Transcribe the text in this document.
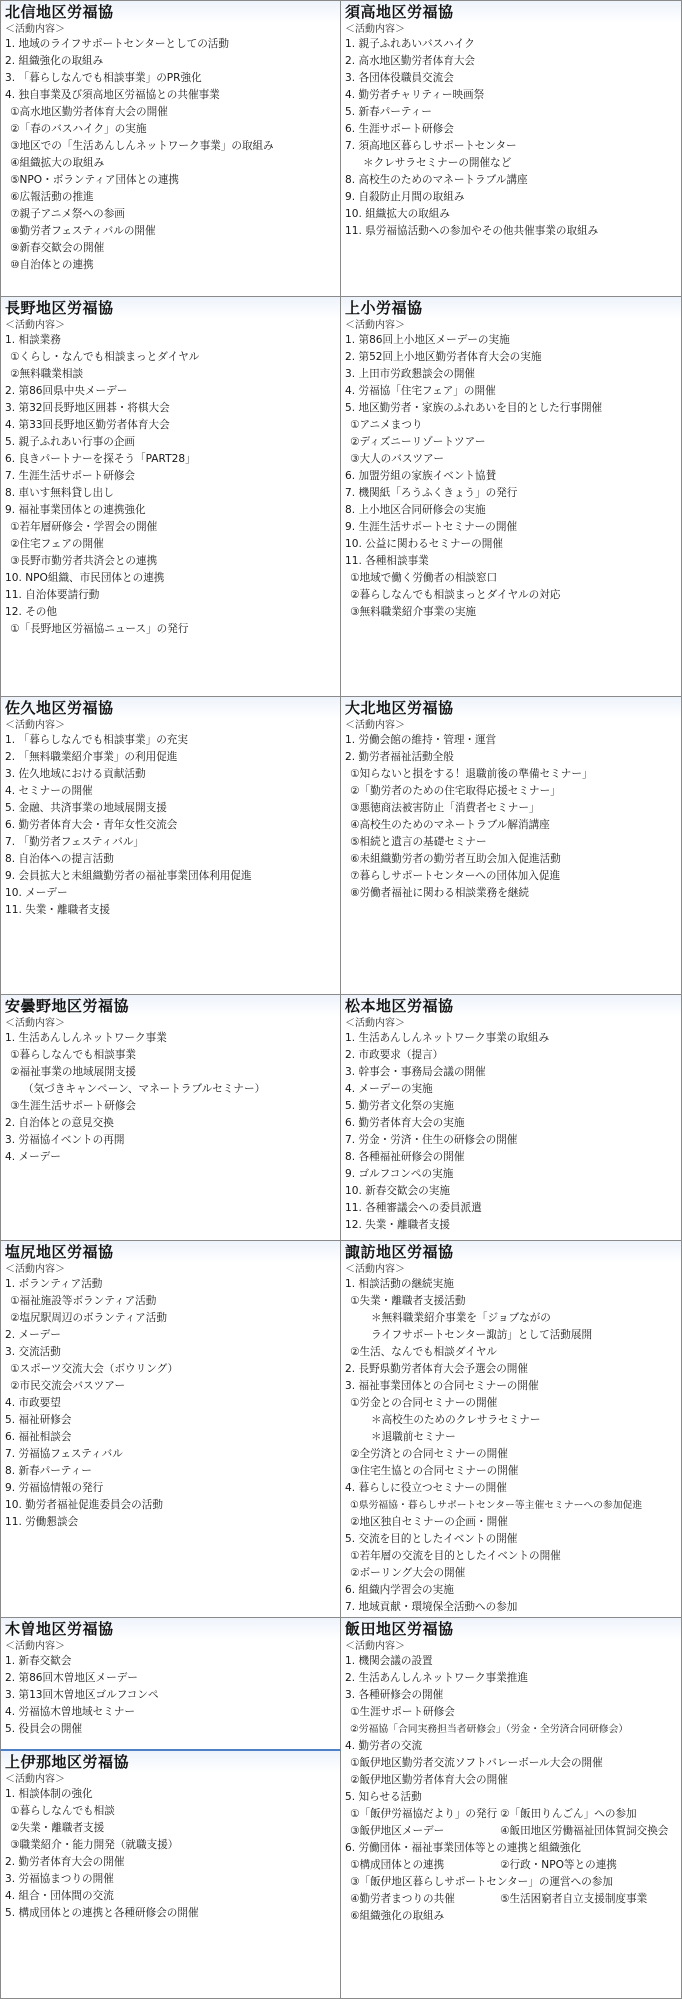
北信地区労福協
＜活動内容＞
1. 地域のライフサポートセンターとしての活動
2. 組織強化の取組み
3. 「暮らしなんでも相談事業」のPR強化
4. 独自事業及び須高地区労福協との共催事業
①高水地区勤労者体育大会の開催
②「春のバスハイク」の実施
③地区での「生活あんしんネットワーク事業」の取組み
④組織拡大の取組み
⑤NPO・ボランティア団体との連携
⑥広報活動の推進
⑦親子アニメ祭への参画
⑧勤労者フェスティバルの開催
⑨新春交歓会の開催
⑩自治体との連携
長野地区労福協
＜活動内容＞
1. 相談業務
①くらし・なんでも相談まっとダイヤル
②無料職業相談
2. 第86回県中央メーデー
3. 第32回長野地区囲碁・将棋大会
4. 第33回長野地区勤労者体育大会
5. 親子ふれあい行事の企画
6. 良きパートナーを探そう「PART28」
7. 生涯生活サポート研修会
8. 車いす無料貸し出し
9. 福祉事業団体との連携強化
①若年層研修会・学習会の開催
②住宅フェアの開催
③長野市勤労者共済会との連携
10. NPO組織、市民団体との連携
11. 自治体要請行動
12. その他
①「長野地区労福協ニュース」の発行
佐久地区労福協
＜活動内容＞
1. 「暮らしなんでも相談事業」の充実
2. 「無料職業紹介事業」の利用促進
3. 佐久地域における貢献活動
4. セミナーの開催
5. 金融、共済事業の地域展開支援
6. 勤労者体育大会・青年女性交流会
7. 「勤労者フェスティバル」
8. 自治体への提言活動
9. 会員拡大と未組織勤労者の福祉事業団体利用促進
10. メーデー
11. 失業・離職者支援
安曇野地区労福協
＜活動内容＞
1. 生活あんしんネットワーク事業
①暮らしなんでも相談事業
②福祉事業の地域展開支援
（気づきキャンペーン、マネートラブルセミナー）
③生涯生活サポート研修会
2. 自治体との意見交換
3. 労福協イベントの再開
4. メーデー
塩尻地区労福協
＜活動内容＞
1. ボランティア活動
①福祉施設等ボランティア活動
②塩尻駅周辺のボランティア活動
2. メーデー
3. 交流活動
①スポーツ交流大会（ボウリング）
②市民交流会バスツアー
4. 市政要望
5. 福祉研修会
6. 福祉相談会
7. 労福協フェスティバル
8. 新春パーティー
9. 労福協情報の発行
10. 勤労者福祉促進委員会の活動
11. 労働懇談会
木曽地区労福協
＜活動内容＞
1. 新春交歓会
2. 第86回木曽地区メーデー
3. 第13回木曽地区ゴルフコンペ
4. 労福協木曽地域セミナー
5. 役員会の開催
上伊那地区労福協
＜活動内容＞
1. 相談体制の強化
①暮らしなんでも相談
②失業・離職者支援
③職業紹介・能力開発（就職支援）
2. 勤労者体育大会の開催
3. 労福協まつりの開催
4. 組合・団体間の交流
5. 構成団体との連携と各種研修会の開催
須高地区労福協
＜活動内容＞
1. 親子ふれあいバスハイク
2. 高水地区勤労者体育大会
3. 各団体役職員交流会
4. 勤労者チャリティー映画祭
5. 新春パーティー
6. 生涯サポート研修会
7. 須高地区暮らしサポートセンター
＊クレサラセミナーの開催など
8. 高校生のためのマネートラブル講座
9. 自殺防止月間の取組み
10. 組織拡大の取組み
11. 県労福協活動への参加やその他共催事業の取組み
上小労福協
＜活動内容＞
1. 第86回上小地区メーデーの実施
2. 第52回上小地区勤労者体育大会の実施
3. 上田市労政懇談会の開催
4. 労福協「住宅フェア」の開催
5. 地区勤労者・家族のふれあいを目的とした行事開催
①アニメまつり
②ディズニーリゾートツアー
③大人のバスツアー
6. 加盟労組の家族イベント協賛
7. 機関紙「ろうふくきょう」の発行
8. 上小地区合同研修会の実施
9. 生涯生活サポートセミナーの開催
10. 公益に関わるセミナーの開催
11. 各種相談事業
①地域で働く労働者の相談窓口
②暮らしなんでも相談まっとダイヤルの対応
③無料職業紹介事業の実施
大北地区労福協
＜活動内容＞
1. 労働会館の維持・管理・運営
2. 勤労者福祉活動全般
①知らないと損をする！退職前後の準備セミナー」
②「勤労者のための住宅取得応援セミナー」
③悪徳商法被害防止「消費者セミナー」
④高校生のためのマネートラブル解消講座
⑤相続と遺言の基礎セミナー
⑥未組織勤労者の勤労者互助会加入促進活動
⑦暮らしサポートセンターへの団体加入促進
⑧労働者福祉に関わる相談業務を継続
松本地区労福協
＜活動内容＞
1. 生活あんしんネットワーク事業の取組み
2. 市政要求（提言）
3. 幹事会・事務局会議の開催
4. メーデーの実施
5. 勤労者文化祭の実施
6. 勤労者体育大会の実施
7. 労金・労済・住生の研修会の開催
8. 各種福祉研修会の開催
9. ゴルフコンペの実施
10. 新春交歓会の実施
11. 各種審議会への委員派遣
12. 失業・離職者支援
諏訪地区労福協
＜活動内容＞
1. 相談活動の継続実施
①失業・離職者支援活動
＊無料職業紹介事業を「ジョブながの
ライフサポートセンター諏訪」として活動展開
②生活、なんでも相談ダイヤル
2. 長野県勤労者体育大会予選会の開催
3. 福祉事業団体との合同セミナーの開催
①労金との合同セミナーの開催
＊高校生のためのクレサラセミナー
＊退職前セミナー
②全労済との合同セミナーの開催
③住宅生協との合同セミナーの開催
4. 暮らしに役立つセミナーの開催
①県労福協・暮らしサポートセンター等主催セミナーへの参加促進
②地区独自セミナーの企画・開催
5. 交流を目的としたイベントの開催
①若年層の交流を目的としたイベントの開催
②ボーリング大会の開催
6. 組織内学習会の実施
7. 地域貢献・環境保全活動への参加
飯田地区労福協
＜活動内容＞
1. 機関会議の設置
2. 生活あんしんネットワーク事業推進
3. 各種研修会の開催
①生涯サポート研修会
②労福協「合同実務担当者研修会」（労金・全労済合同研修会）
4. 勤労者の交流
①飯伊地区勤労者交流ソフトバレーボール大会の開催
②飯伊地区勤労者体育大会の開催
5. 知らせる活動
①「飯伊労福協だより」の発行 ②「飯田りんごん」への参加
③飯伊地区メーデー	④飯田地区労働福祉団体賀詞交換会
6. 労働団体・福祉事業団体等との連携と組織強化
①構成団体との連携	②行政・NPO等との連携
③「飯伊地区暮らしサポートセンター」の運営への参加
④勤労者まつりの共催	⑤生活困窮者自立支援制度事業
⑥組織強化の取組み
